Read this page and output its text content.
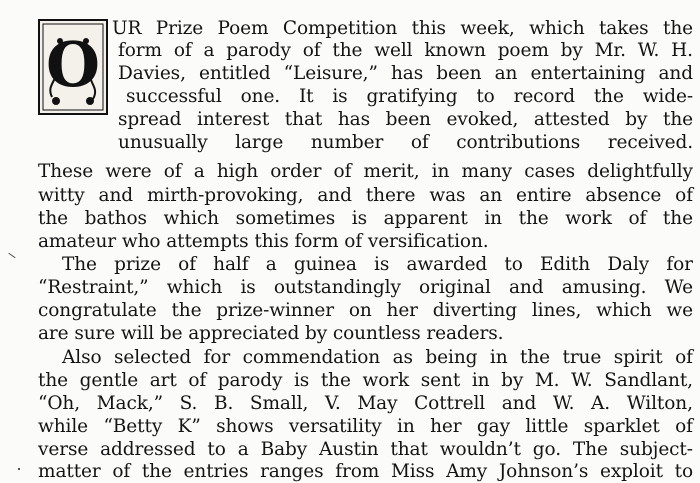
O UR Prize Poem Competition this week, which takes the
form of a parody of the well known poem by Mr. W. H.
Davies, entitled “Leisure,” has been an entertaining and
successful one. It is gratifying to record the wide-
spread interest that has been evoked, attested by the
unusually large number of contributions received.
These were of a high order of merit, in many cases delightfully
witty and mirth-provoking, and there was an entire absence of
the bathos which sometimes is apparent in the work of the
amateur who attempts this form of versification.
The prize of half a guinea is awarded to Edith Daly for
“Restraint,” which is outstandingly original and amusing. We
congratulate the prize-winner on her diverting lines, which we
are sure will be appreciated by countless readers.
Also selected for commendation as being in the true spirit of
the gentle art of parody is the work sent in by M. W. Sandlant,
“Oh, Mack,” S. B. Small, V. May Cottrell and W. A. Wilton,
while “Betty K” shows versatility in her gay little sparklet of
verse addressed to a Baby Austin that wouldn’t go. The subject-
matter of the entries ranges from Miss Amy Johnson’s exploit to
